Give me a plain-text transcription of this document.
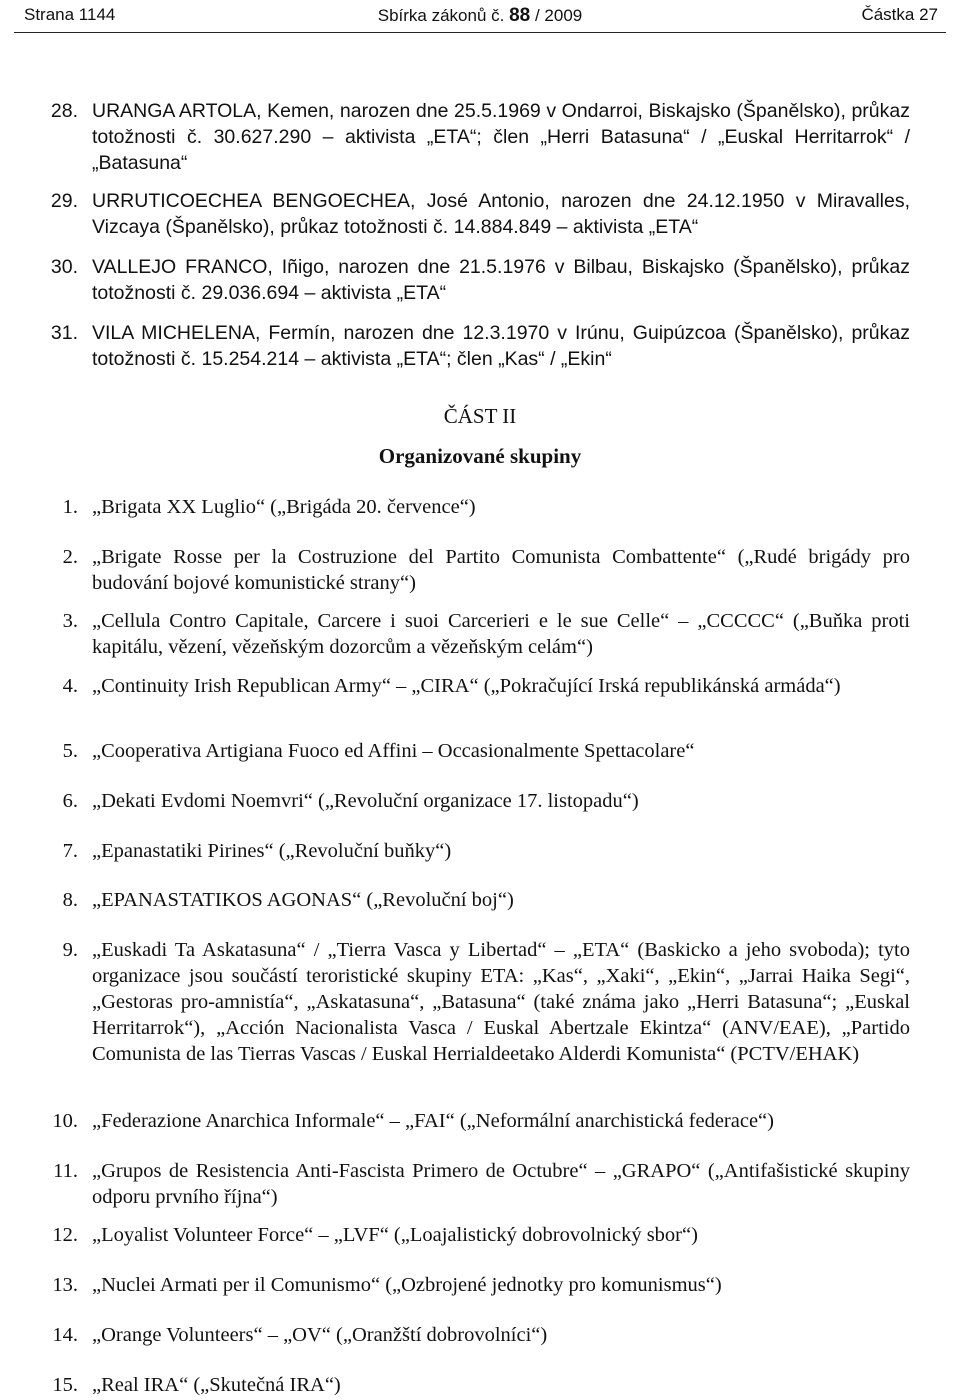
Strana 1144	Sbírka zákonů č. 88 / 2009	Částka 27
28. URANGA ARTOLA, Kemen, narozen dne 25.5.1969 v Ondarroi, Biskajsko (Španělsko), průkaz totožnosti č. 30.627.290 – aktivista „ETA“; člen „Herri Batasuna“ / „Euskal Herritarrok“ / „Batasuna“
29. URRUTICOECHEA BENGOECHEA, José Antonio, narozen dne 24.12.1950 v Miravalles, Vizcaya (Španělsko), průkaz totožnosti č. 14.884.849 – aktivista „ETA“
30. VALLEJO FRANCO, Iñigo, narozen dne 21.5.1976 v Bilbau, Biskajsko (Španělsko), průkaz totožnosti č. 29.036.694 – aktivista „ETA“
31. VILA MICHELENA, Fermín, narozen dne 12.3.1970 v Irúnu, Guipúzcoa (Španělsko), průkaz totožnosti č. 15.254.214 – aktivista „ETA“; člen „Kas“ / „Ekin“
ČÁST II
Organizované skupiny
1. „Brigata XX Luglio“ („Brigáda 20. července“)
2. „Brigate Rosse per la Costruzione del Partito Comunista Combattente“ („Rudé brigády pro budování bojové komunistické strany“)
3. „Cellula Contro Capitale, Carcere i suoi Carcerieri e le sue Celle“ – „CCCCC“ („Buňka proti kapitálu, vězení, vězeňským dozorcům a vězeňským celám“)
4. „Continuity Irish Republican Army“ – „CIRA“ („Pokračující Irská republikánská armáda“)
5. „Cooperativa Artigiana Fuoco ed Affini – Occasionalmente Spettacolare“
6. „Dekati Evdomi Noemvri“ („Revoluční organizace 17. listopadu“)
7. „Epanastatiki Pirines“ („Revoluční buňky“)
8. „EPANASTATIKOS AGONAS“ („Revoluční boj“)
9. „Euskadi Ta Askatasuna“ / „Tierra Vasca y Libertad“ – „ETA“ (Baskicko a jeho svoboda); tyto organizace jsou součástí teroristické skupiny ETA: „Kas“, „Xaki“, „Ekin“, „Jarrai Haika Segi“, „Gestoras pro-amnistía“, „Askatasuna“, „Batasuna“ (také známa jako „Herri Batasuna“; „Euskal Herritarrok“), „Acción Nacionalista Vasca / Euskal Abertzale Ekintza“ (ANV/EAE), „Partido Comunista de las Tierras Vascas / Euskal Herrialdeetako Alderdi Komunista“ (PCTV/EHAK)
10. „Federazione Anarchica Informale“ – „FAI“ („Neformální anarchistická federace“)
11. „Grupos de Resistencia Anti-Fascista Primero de Octubre“ – „GRAPO“ („Antifašistické skupiny odporu prvního října“)
12. „Loyalist Volunteer Force“ – „LVF“ („Loajalistický dobrovolnický sbor“)
13. „Nuclei Armati per il Comunismo“ („Ozbrojené jednotky pro komunismus“)
14. „Orange Volunteers“ – „OV“ („Oranžští dobrovolníci“)
15. „Real IRA“ („Skutečná IRA“)
